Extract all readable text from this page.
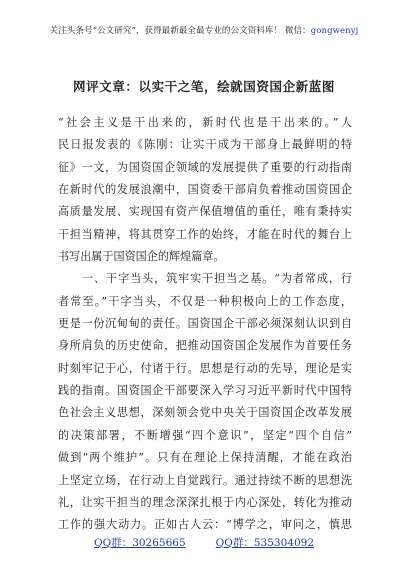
关注头条号“公文研究”，获得最新最全最专业的公文资料库！ 微信：gongwenyj
网评文章：以实干之笔，绘就国资国企新蓝图
“社会主义是干出来的，新时代也是干出来的。”人
民日报发表的《陈刚：让实干成为干部身上最鲜明的特
征》一文，为国资国企领域的发展提供了重要的行动指南
在新时代的发展浪潮中，国资委干部肩负着推动国资国企
高质量发展、实现国有资产保值增值的重任，唯有秉持实
干担当精神，将其贯穿工作的始终，才能在时代的舞台上
书写出属于国资国企的辉煌篇章。
　　一、干字当头，筑牢实干担当之基。“为者常成，行
者常至。”干字当头，不仅是一种积极向上的工作态度，
更是一份沉甸甸的责任。国资国企干部必须深刻认识到自
身所肩负的历史使命，把推动国资国企发展作为首要任务
时刻牢记于心，付诸于行。思想是行动的先导，理论是实
践的指南。国资国企干部要深入学习习近平新时代中国特
色社会主义思想，深刻领会党中央关于国资国企改革发展
的决策部署，不断增强“四个意识”，坚定“四个自信”
做到“两个维护”。只有在理论上保持清醒，才能在政治
上坚定立场，在行动上自觉践行。通过持续不断的思想洗
礼，让实干担当的理念深深扎根于内心深处，转化为推动
工作的强大动力。正如古人云：“博学之，审问之，慎思
QQ群：30265665	QQ群：535304092
